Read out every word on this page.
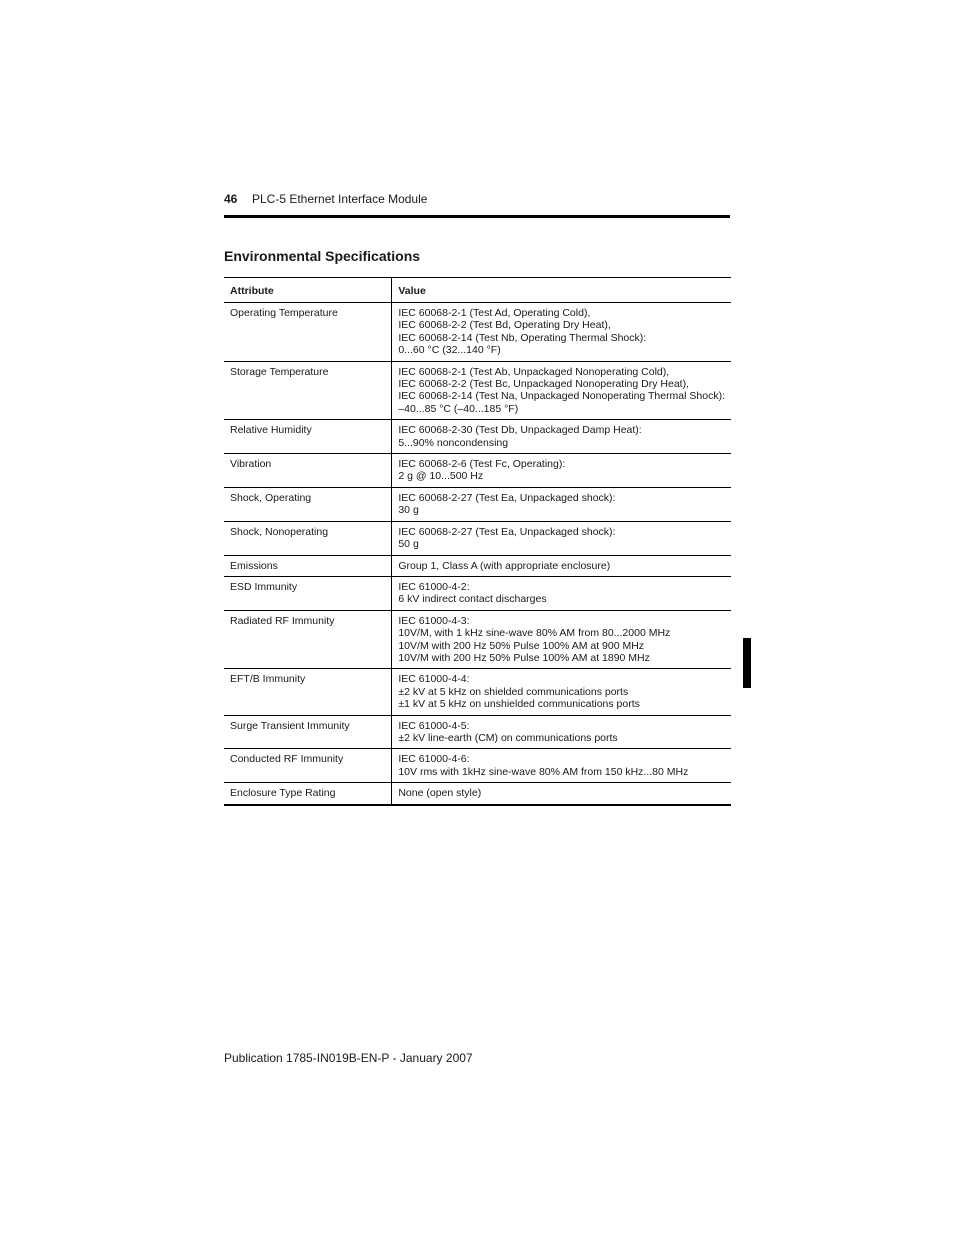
46 PLC-5 Ethernet Interface Module
Environmental Specifications
Attribute	Value
Operating Temperature	IEC 60068-2-1 (Test Ad, Operating Cold),
IEC 60068-2-2 (Test Bd, Operating Dry Heat),
IEC 60068-2-14 (Test Nb, Operating Thermal Shock):
0...60 °C (32...140 °F)

Storage Temperature	IEC 60068-2-1 (Test Ab, Unpackaged Nonoperating Cold),
IEC 60068-2-2 (Test Bc, Unpackaged Nonoperating Dry Heat),
IEC 60068-2-14 (Test Na, Unpackaged Nonoperating Thermal Shock):
–40...85 °C (–40...185 °F)

Relative Humidity	IEC 60068-2-30 (Test Db, Unpackaged Damp Heat):
5...90% noncondensing

Vibration	IEC 60068-2-6 (Test Fc, Operating):
2 g @ 10...500 Hz

Shock, Operating	IEC 60068-2-27 (Test Ea, Unpackaged shock):
30 g

Shock, Nonoperating	IEC 60068-2-27 (Test Ea, Unpackaged shock):
50 g

Emissions	Group 1, Class A (with appropriate enclosure)

ESD Immunity	IEC 61000-4-2:
6 kV indirect contact discharges

Radiated RF Immunity	IEC 61000-4-3:
10V/M, with 1 kHz sine-wave 80% AM from 80...2000 MHz
10V/M with 200 Hz 50% Pulse 100% AM at 900 MHz
10V/M with 200 Hz 50% Pulse 100% AM at 1890 MHz

EFT/B Immunity	IEC 61000-4-4:
±2 kV at 5 kHz on shielded communications ports
±1 kV at 5 kHz on unshielded communications ports

Surge Transient Immunity	IEC 61000-4-5:
±2 kV line-earth (CM) on communications ports

Conducted RF Immunity	IEC 61000-4-6:
10V rms with 1kHz sine-wave 80% AM from 150 kHz...80 MHz

Enclosure Type Rating	None (open style)
Publication 1785-IN019B-EN-P - January 2007
